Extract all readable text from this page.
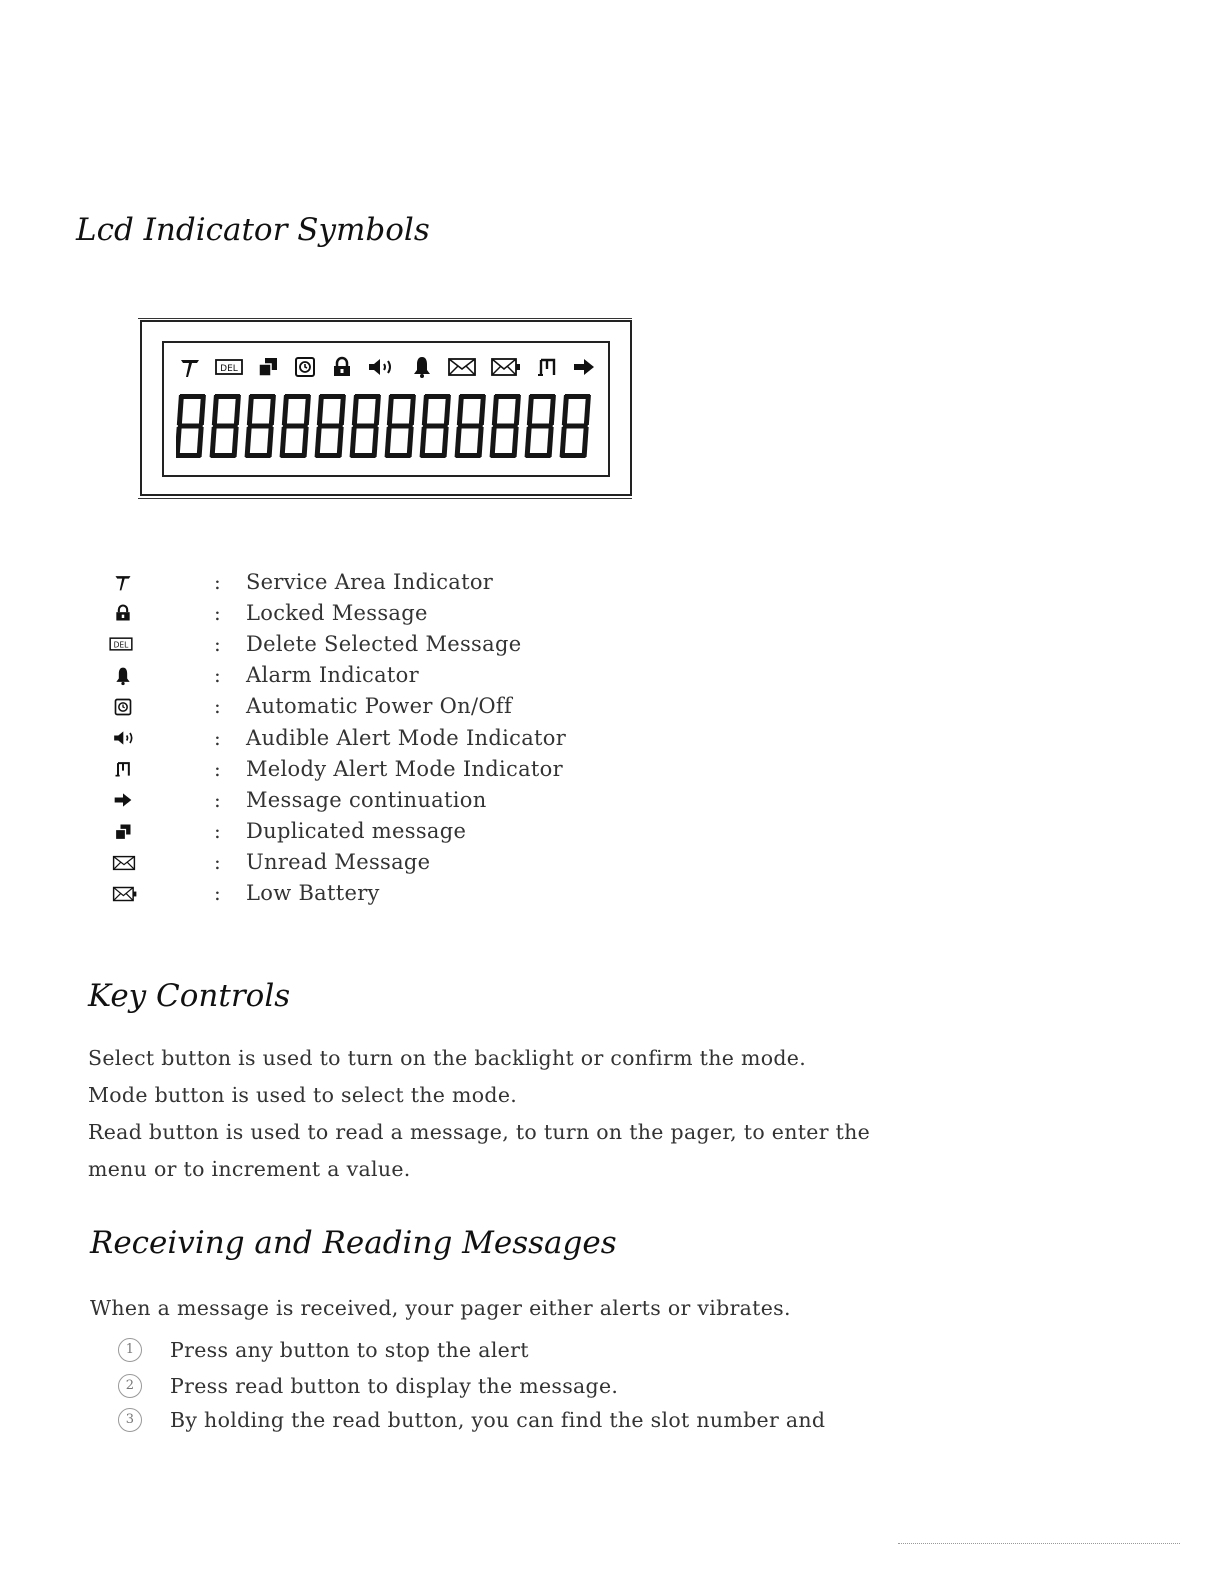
Lcd Indicator Symbols
DEL
: Service Area Indicator
: Locked Message
DEL	: Delete Selected Message
: Alarm Indicator
: Automatic Power On/Off
: Audible Alert Mode Indicator
: Melody Alert Mode Indicator
: Message continuation
: Duplicated message
: Unread Message
: Low Battery
Key Controls

Select button is used to turn on the backlight or confirm the mode.

Mode button is used to select the mode.

Read button is used to read a message, to turn on the pager, to enter the

menu or to increment a value.

Receiving and Reading Messages

When a message is received, your pager either alerts or vibrates.

1	Press any button to stop the alert
2	Press read button to display the message.
3	By holding the read button, you can find the slot number and
